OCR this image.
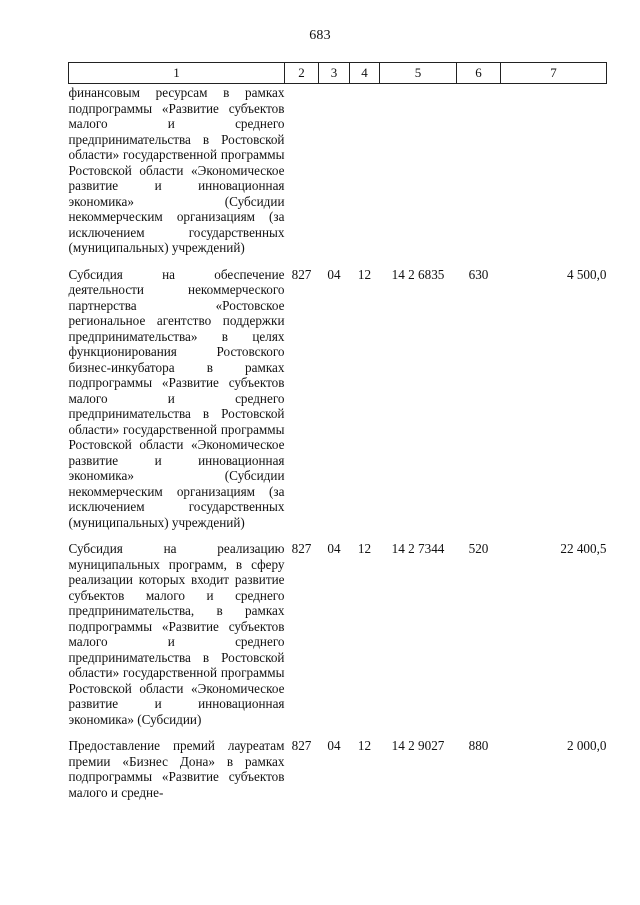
683
1	2	3	4	5	6	7
финансовым ресурсам в рамках подпрограммы «Развитие субъектов малого и среднего предпринимательства в Ростовской области» государственной программы Ростовской области «Экономическое развитие и инновационная экономика» (Субсидии некоммерческим организациям (за исключением государственных (муниципальных) учреждений)						
Субсидия на обеспечение деятельности некоммерческого партнерства «Ростовское региональное агентство поддержки предпринимательства» в целях функционирования Ростовского бизнес-инкубатора в рамках подпрограммы «Развитие субъектов малого и среднего предпринимательства в Ростовской области» государственной программы Ростовской области «Экономическое развитие и инновационная экономика» (Субсидии некоммерческим организациям (за исключением государственных (муниципальных) учреждений)	827	04	12	14 2 6835	630	4 500,0
Субсидия на реализацию муниципальных программ, в сферу реализации которых входит развитие субъектов малого и среднего предпринимательства, в рамках подпрограммы «Развитие субъектов малого и среднего предпринимательства в Ростовской области» государственной программы Ростовской области «Экономическое развитие и инновационная экономика» (Субсидии)	827	04	12	14 2 7344	520	22 400,5
Предоставление премий лауреатам премии «Бизнес Дона» в рамках подпрограммы «Развитие субъектов малого и средне-	827	04	12	14 2 9027	880	2 000,0
